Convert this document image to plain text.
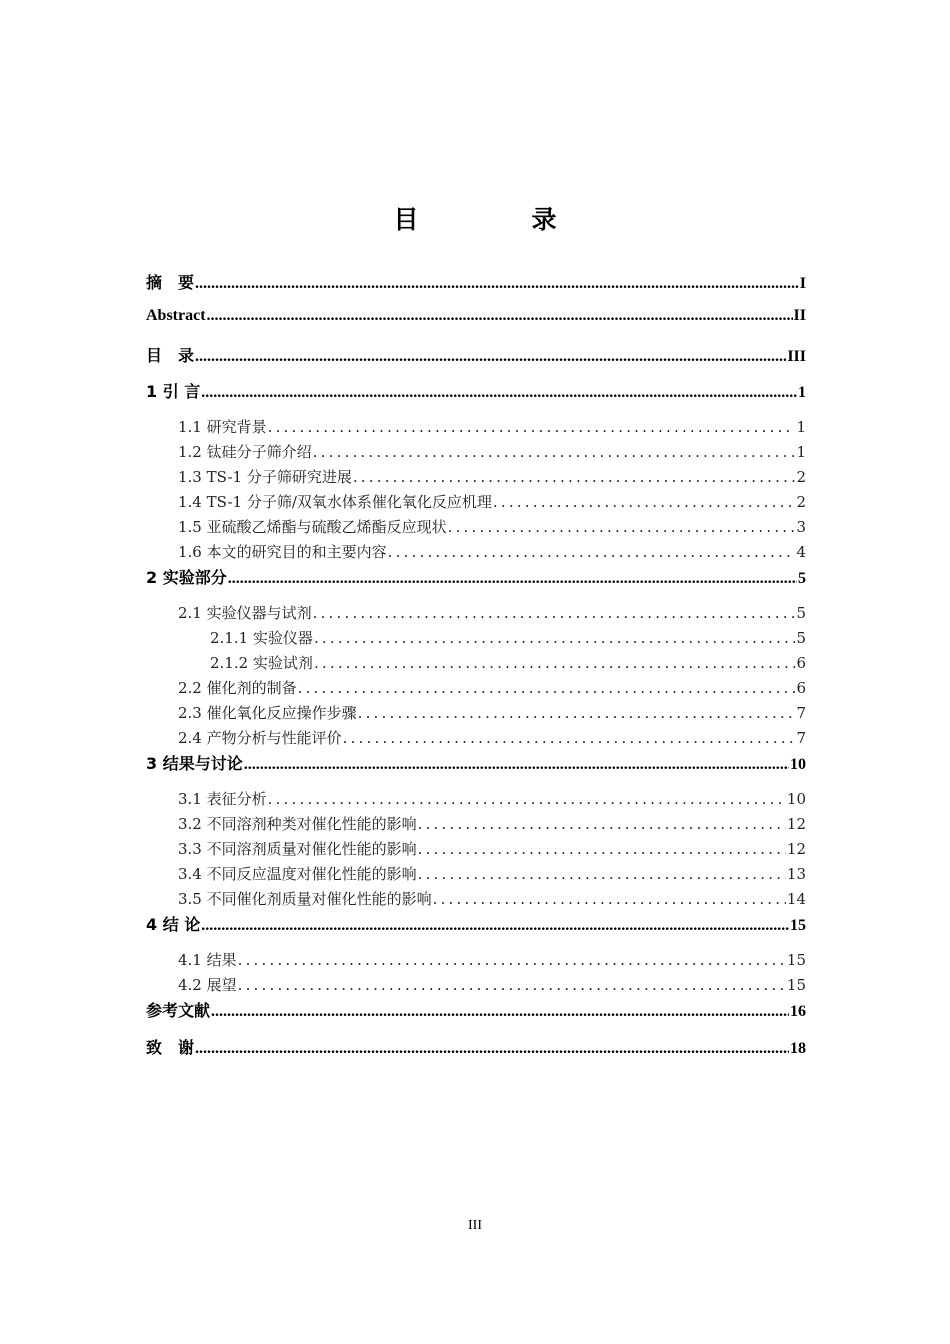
目　录
摘　要 .....	I
Abstract .....	II
目　录 .....	III
1 引 言 .....	1
1.1 研究背景 .....	1
1.2 钛硅分子筛介绍 .....	1
1.3 TS-1 分子筛研究进展 .....	2
1.4 TS-1 分子筛/双氧水体系催化氧化反应机理 .....	2
1.5 亚硫酸乙烯酯与硫酸乙烯酯反应现状 .....	3
1.6 本文的研究目的和主要内容 .....	4
2 实验部分 .....	5
2.1 实验仪器与试剂 .....	5
2.1.1 实验仪器 .....	5
2.1.2 实验试剂 .....	6
2.2 催化剂的制备 .....	6
2.3 催化氧化反应操作步骤 .....	7
2.4 产物分析与性能评价 .....	7
3 结果与讨论 .....	10
3.1 表征分析 .....	10
3.2 不同溶剂种类对催化性能的影响 .....	12
3.3 不同溶剂质量对催化性能的影响 .....	12
3.4 不同反应温度对催化性能的影响 .....	13
3.5 不同催化剂质量对催化性能的影响 .....	14
4 结 论 .....	15
4.1 结果 .....	15
4.2 展望 .....	15
参考文献 .....	16
致　谢 .....	18
III
